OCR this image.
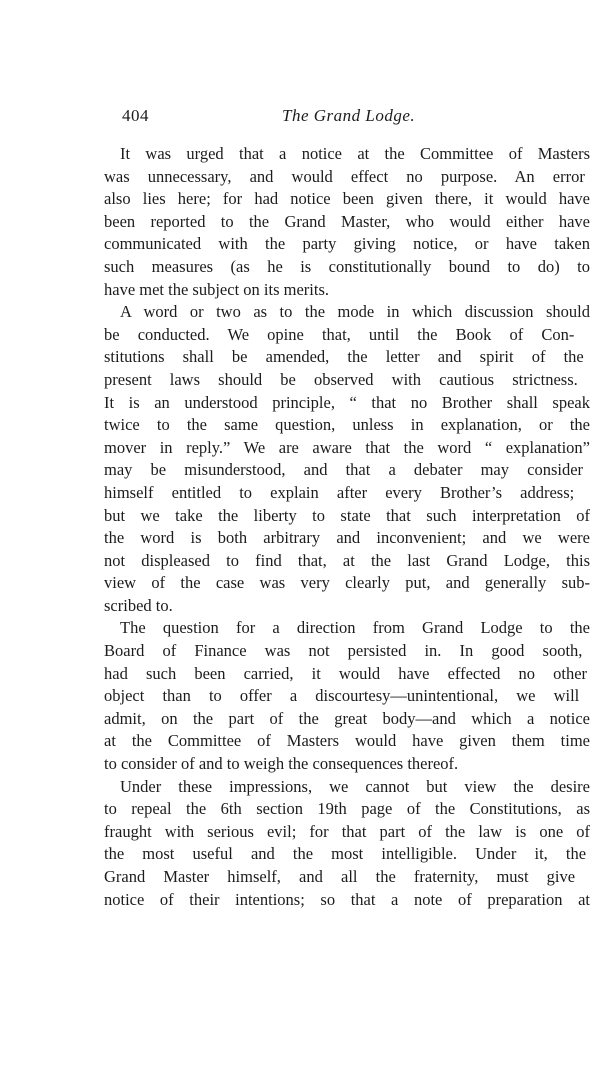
404	The Grand Lodge.
It was urged that a notice at the Committee of Masters
was unnecessary, and would effect no purpose. An error
also lies here; for had notice been given there, it would have
been reported to the Grand Master, who would either have
communicated with the party giving notice, or have taken
such measures (as he is constitutionally bound to do) to
have met the subject on its merits.
A word or two as to the mode in which discussion should
be conducted. We opine that, until the Book of Con-
stitutions shall be amended, the letter and spirit of the
present laws should be observed with cautious strictness.
It is an understood principle, “ that no Brother shall speak
twice to the same question, unless in explanation, or the
mover in reply.” We are aware that the word “ explanation”
may be misunderstood, and that a debater may consider
himself entitled to explain after every Brother’s address;
but we take the liberty to state that such interpretation of
the word is both arbitrary and inconvenient; and we were
not displeased to find that, at the last Grand Lodge, this
view of the case was very clearly put, and generally sub-
scribed to.
The question for a direction from Grand Lodge to the
Board of Finance was not persisted in. In good sooth,
had such been carried, it would have effected no other
object than to offer a discourtesy—unintentional, we will
admit, on the part of the great body—and which a notice
at the Committee of Masters would have given them time
to consider of and to weigh the consequences thereof.
Under these impressions, we cannot but view the desire
to repeal the 6th section 19th page of the Constitutions, as
fraught with serious evil; for that part of the law is one of
the most useful and the most intelligible. Under it, the
Grand Master himself, and all the fraternity, must give
notice of their intentions; so that a note of preparation at
